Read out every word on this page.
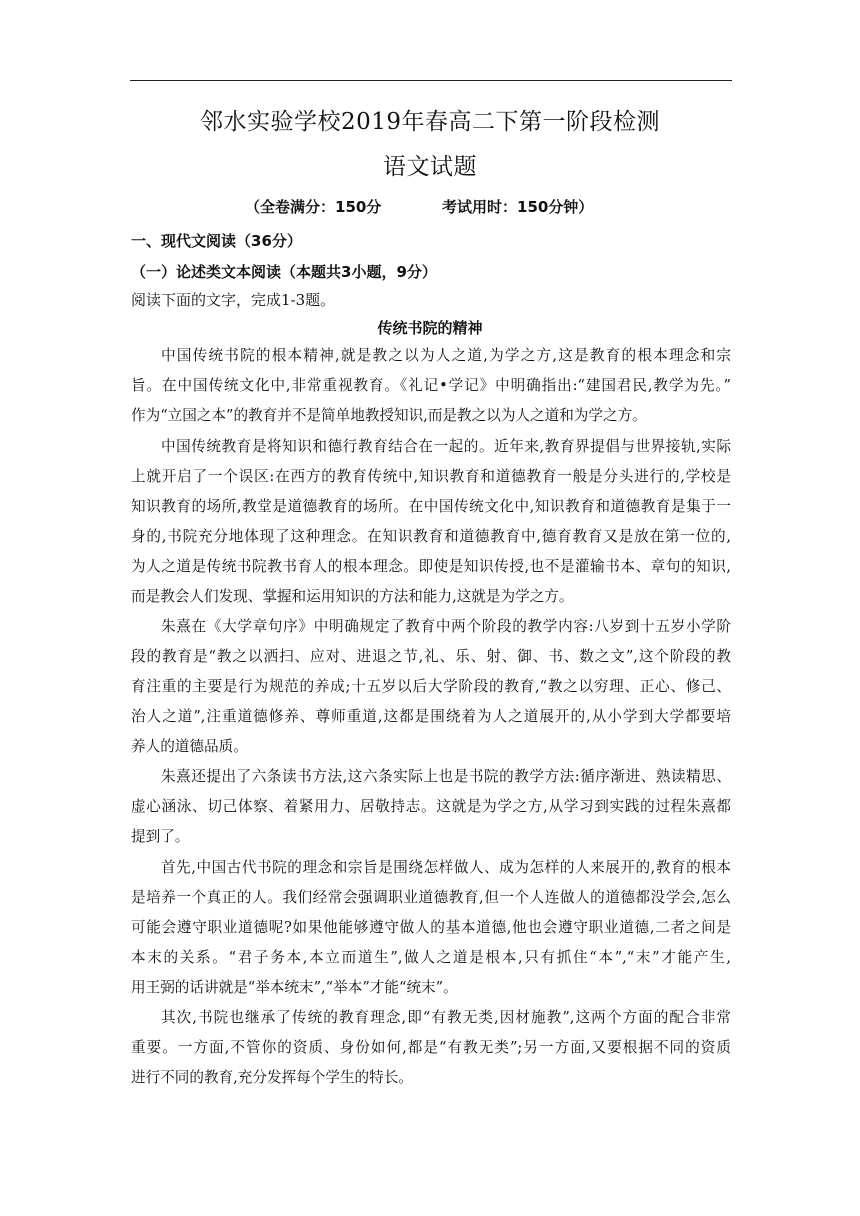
邻水实验学校2019年春高二下第一阶段检测
语文试题
（全卷满分：150分	考试用时：150分钟）
一、现代文阅读（36分）
（一）论述类文本阅读（本题共3小题，9分）
阅读下面的文字，完成1-3题。
传统书院的精神
中国传统书院的根本精神,就是教之以为人之道,为学之方,这是教育的根本理念和宗
旨。在中国传统文化中,非常重视教育。《礼记•学记》中明确指出:“建国君民,教学为先。”
作为“立国之本”的教育并不是简单地教授知识,而是教之以为人之道和为学之方。
中国传统教育是将知识和德行教育结合在一起的。近年来,教育界提倡与世界接轨,实际
上就开启了一个误区:在西方的教育传统中,知识教育和道德教育一般是分头进行的,学校是
知识教育的场所,教堂是道德教育的场所。在中国传统文化中,知识教育和道德教育是集于一
身的,书院充分地体现了这种理念。在知识教育和道德教育中,德育教育又是放在第一位的,
为人之道是传统书院教书育人的根本理念。即使是知识传授,也不是灌输书本、章句的知识,
而是教会人们发现、掌握和运用知识的方法和能力,这就是为学之方。
朱熹在《大学章句序》中明确规定了教育中两个阶段的教学内容:八岁到十五岁小学阶
段的教育是“教之以洒扫、应对、进退之节,礼、乐、射、御、书、数之文”,这个阶段的教
育注重的主要是行为规范的养成;十五岁以后大学阶段的教育,“教之以穷理、正心、修己、
治人之道”,注重道德修养、尊师重道,这都是围绕着为人之道展开的,从小学到大学都要培
养人的道德品质。
朱熹还提出了六条读书方法,这六条实际上也是书院的教学方法:循序渐进、熟读精思、
虚心涵泳、切己体察、着紧用力、居敬持志。这就是为学之方,从学习到实践的过程朱熹都
提到了。
首先,中国古代书院的理念和宗旨是围绕怎样做人、成为怎样的人来展开的,教育的根本
是培养一个真正的人。我们经常会强调职业道德教育,但一个人连做人的道德都没学会,怎么
可能会遵守职业道德呢?如果他能够遵守做人的基本道德,他也会遵守职业道德,二者之间是
本末的关系。“君子务本,本立而道生”,做人之道是根本,只有抓住“本”,“末”才能产生,
用王弼的话讲就是“举本统末”,“举本”才能“统末”。
其次,书院也继承了传统的教育理念,即“有教无类,因材施教”,这两个方面的配合非常
重要。一方面,不管你的资质、身份如何,都是“有教无类”;另一方面,又要根据不同的资质
进行不同的教育,充分发挥每个学生的特长。
